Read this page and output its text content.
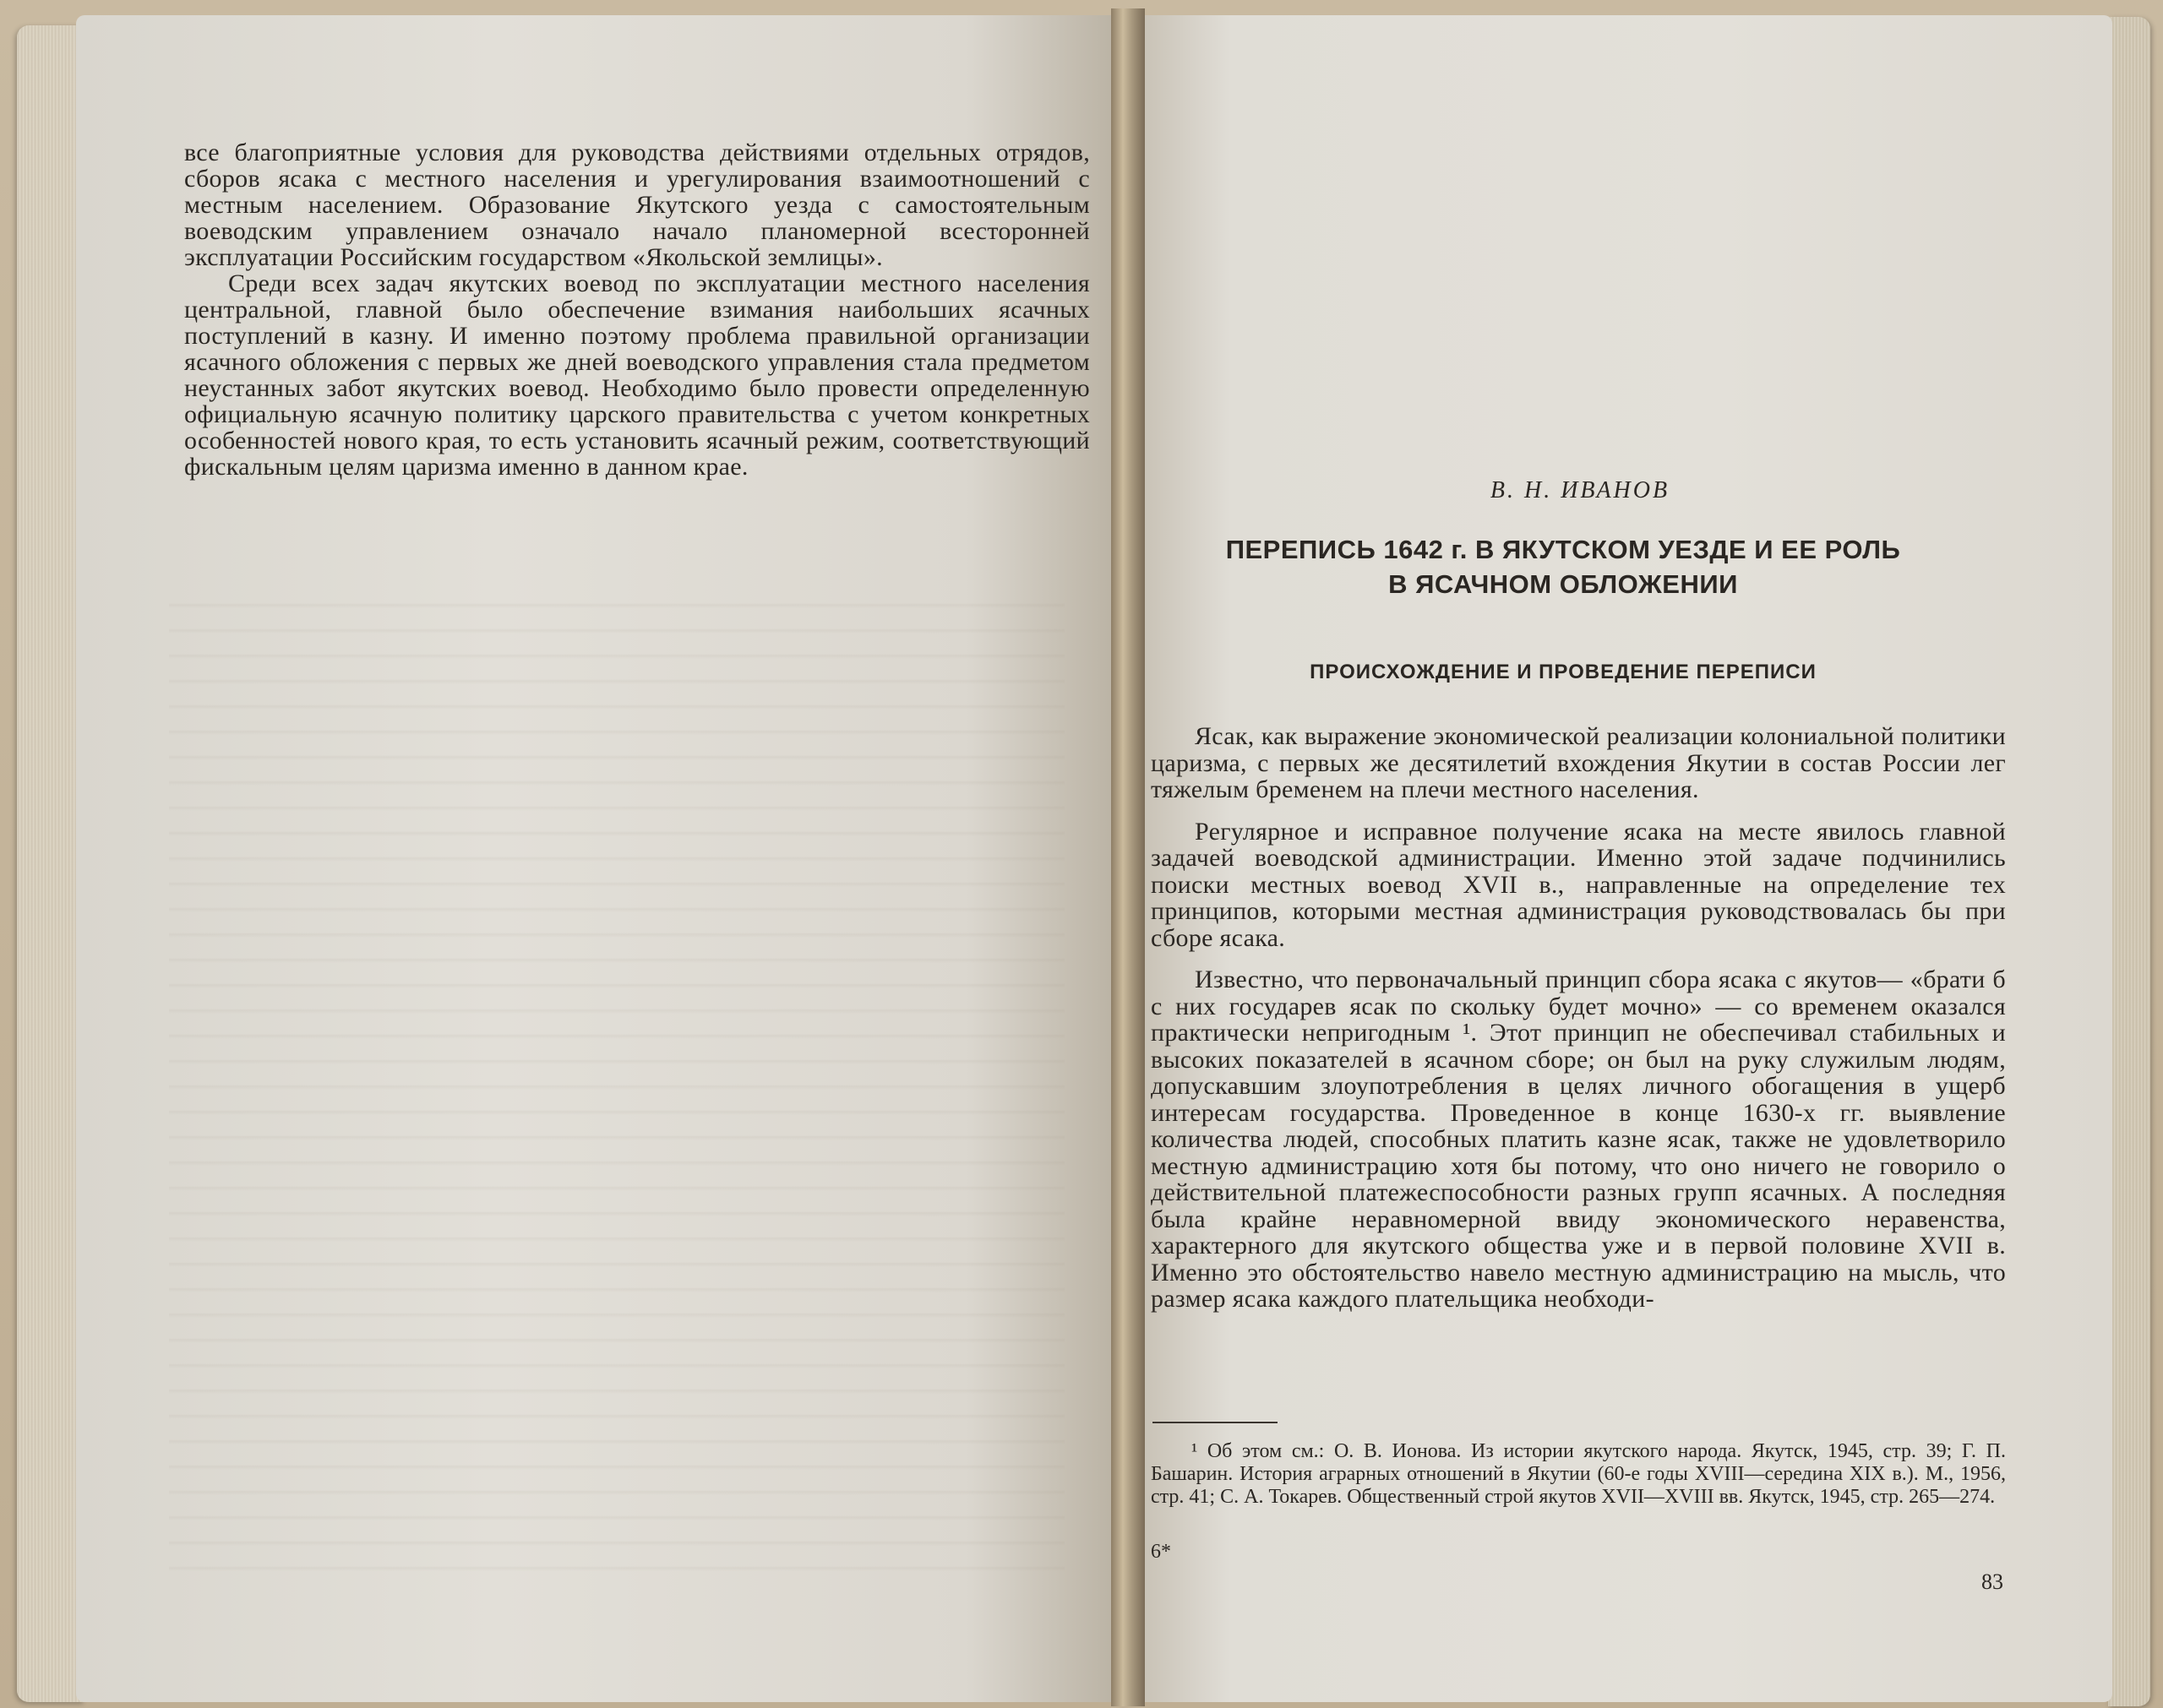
все благоприятные условия для руководства действиями отдельных отрядов, сборов ясака с местного населения и урегулирования взаимоотношений с местным населением. Образование Якутского уезда с самостоятельным воеводским управлением означало начало планомерной всесторонней эксплуатации Российским государством «Якольской землицы».

Среди всех задач якутских воевод по эксплуатации местного населения центральной, главной было обеспечение взимания наибольших ясачных поступлений в казну. И именно поэтому проблема правильной организации ясачного обложения с первых же дней воеводского управления стала предметом неустанных забот якутских воевод. Необходимо было провести определенную официальную ясачную политику царского правительства с учетом конкретных особенностей нового края, то есть установить ясачный режим, соответствующий фискальным целям царизма именно в данном крае.

В. Н. ИВАНОВ
ПЕРЕПИСЬ 1642 г. В ЯКУТСКОМ УЕЗДЕ И ЕЕ РОЛЬ
В ЯСАЧНОМ ОБЛОЖЕНИИ
ПРОИСХОЖДЕНИЕ И ПРОВЕДЕНИЕ ПЕРЕПИСИ

Ясак, как выражение экономической реализации колониальной политики царизма, с первых же десятилетий вхождения Якутии в состав России лег тяжелым бременем на плечи местного населения.

Регулярное и исправное получение ясака на месте явилось главной задачей воеводской администрации. Именно этой задаче подчинились поиски местных воевод XVII в., направленные на определение тех принципов, которыми местная администрация руководствовалась бы при сборе ясака.

Известно, что первоначальный принцип сбора ясака с якутов— «брати б с них государев ясак по скольку будет мочно» — со временем оказался практически непригодным ¹. Этот принцип не обеспечивал стабильных и высоких показателей в ясачном сборе; он был на руку служилым людям, допускавшим злоупотребления в целях личного обогащения в ущерб интересам государства. Проведенное в конце 1630-х гг. выявление количества людей, способных платить казне ясак, также не удовлетворило местную администрацию хотя бы потому, что оно ничего не говорило о действительной платежеспособности разных групп ясачных. А последняя была крайне неравномерной ввиду экономического неравенства, характерного для якутского общества уже и в первой половине XVII в. Именно это обстоятельство навело местную администрацию на мысль, что размер ясака каждого плательщика необходи-

¹ Об этом см.: О. В. Ионова. Из истории якутского народа. Якутск, 1945, стр. 39; Г. П. Башарин. История аграрных отношений в Якутии (60-е годы XVIII—середина XIX в.). М., 1956, стр. 41; С. А. Токарев. Общественный строй якутов XVII—XVIII вв. Якутск, 1945, стр. 265—274.

6*
83
